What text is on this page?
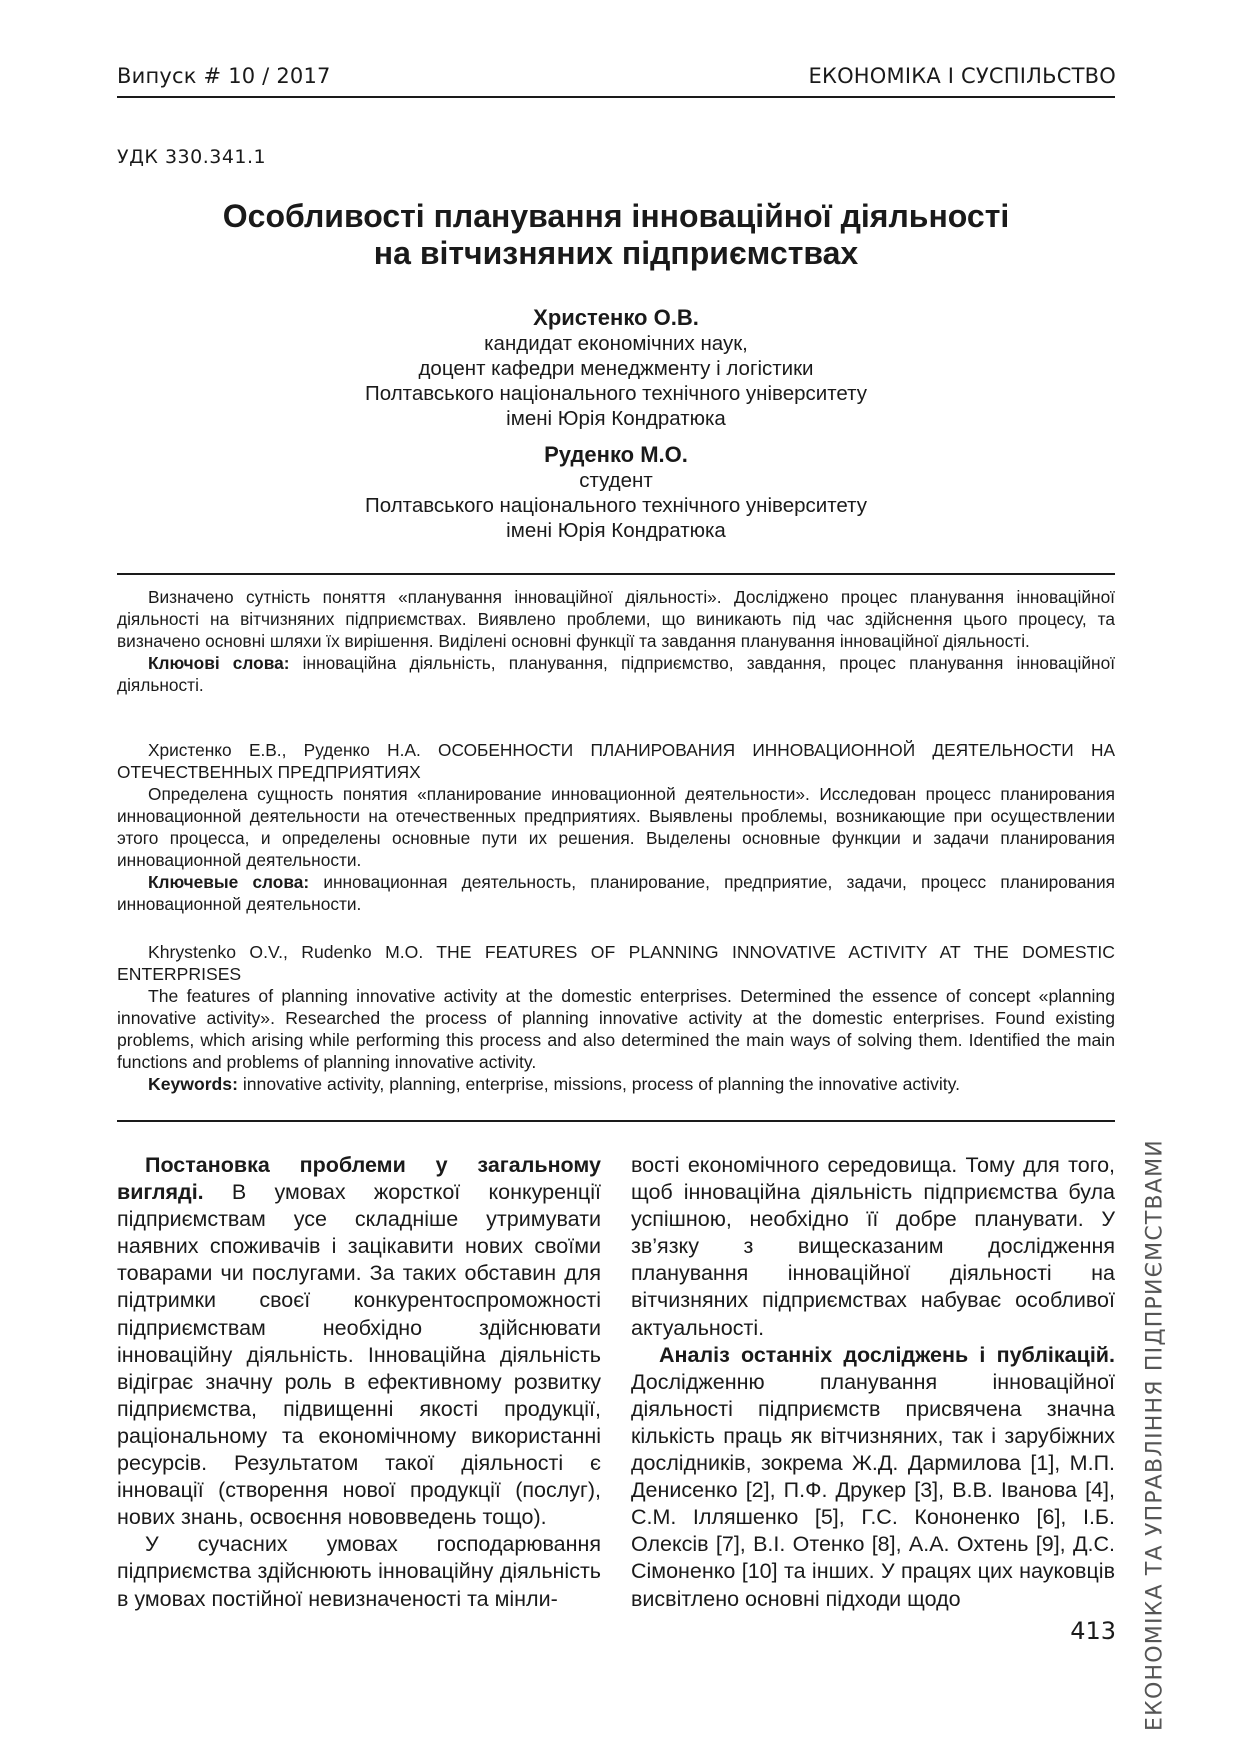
Випуск # 10 / 2017	ЕКОНОМІКА І СУСПІЛЬСТВО
УДК 330.341.1
Особливості планування інноваційної діяльності
на вітчизняних підприємствах
Христенко О.В.
кандидат економічних наук,
доцент кафедри менеджменту і логістики
Полтавського національного технічного університету
імені Юрія Кондратюка
Руденко М.О.
студент
Полтавського національного технічного університету
імені Юрія Кондратюка

Визначено сутність поняття «планування інноваційної діяльності». Досліджено процес планування інноваційної діяльності на вітчизняних підприємствах. Виявлено проблеми, що виникають під час здійснення цього процесу, та визначено основні шляхи їх вирішення. Виділені основні функції та завдання планування інноваційної діяльності.

Ключові слова: інноваційна діяльність, планування, підприємство, завдання, процес планування інноваційної діяльності.

Христенко Е.В., Руденко Н.А. ОСОБЕННОСТИ ПЛАНИРОВАНИЯ ИННОВАЦИОННОЙ ДЕЯТЕЛЬНОСТИ НА ОТЕЧЕСТВЕННЫХ ПРЕДПРИЯТИЯХ

Определена сущность понятия «планирование инновационной деятельности». Исследован процесс планирования инновационной деятельности на отечественных предприятиях. Выявлены проблемы, возникающие при осуществлении этого процесса, и определены основные пути их решения. Выделены основные функции и задачи планирования инновационной деятельности.

Ключевые слова: инновационная деятельность, планирование, предприятие, задачи, процесс планирования инновационной деятельности.

Khrystenko O.V., Rudenko M.O. THE FEATURES OF PLANNING INNOVATIVE ACTIVITY AT THE DOMESTIC ENTERPRISES

The features of planning innovative activity at the domestic enterprises. Determined the essence of concept «planning innovative activity». Researched the process of planning innovative activity at the domestic enterprises. Found existing problems, which arising while performing this process and also determined the main ways of solving them. Identified the main functions and problems of planning innovative activity.

Keywords: innovative activity, planning, enterprise, missions, process of planning the innovative activity.

Постановка проблеми у загальному вигляді. В умовах жорсткої конкуренції підприємствам усе складніше утримувати наявних споживачів і зацікавити нових своїми товарами чи послугами. За таких обставин для підтримки своєї конкурентоспроможності підприємствам необхідно здійснювати інноваційну діяльність. Інноваційна діяльність відіграє значну роль в ефективному розвитку підприємства, підвищенні якості продукції, раціональному та економічному використанні ресурсів. Результатом такої діяльності є інновації (створення нової продукції (послуг), нових знань, освоєння нововведень тощо).

У сучасних умовах господарювання підприємства здійснюють інноваційну діяльність в умовах постійної невизначеності та мінли-

вості економічного середовища. Тому для того, щоб інноваційна діяльність підприємства була успішною, необхідно її добре планувати. У зв’язку з вищесказаним дослідження планування інноваційної діяльності на вітчизняних підприємствах набуває особливої актуальності.

Аналіз останніх досліджень і публікацій. Дослідженню планування інноваційної діяльності підприємств присвячена значна кількість праць як вітчизняних, так і зарубіжних дослідників, зокрема Ж.Д. Дармилова [1], М.П. Денисенко [2], П.Ф. Друкер [3], В.В. Іванова [4], С.М. Ілляшенко [5], Г.С. Кононенко [6], І.Б. Олексів [7], В.І. Отенко [8], А.А. Охтень [9], Д.С. Сімоненко [10] та інших. У працях цих науковців висвітлено основні підходи щодо	ЕКОНОМІКА ТА УПРАВЛІННЯ ПІДПРИЄМСТВАМИ
413
